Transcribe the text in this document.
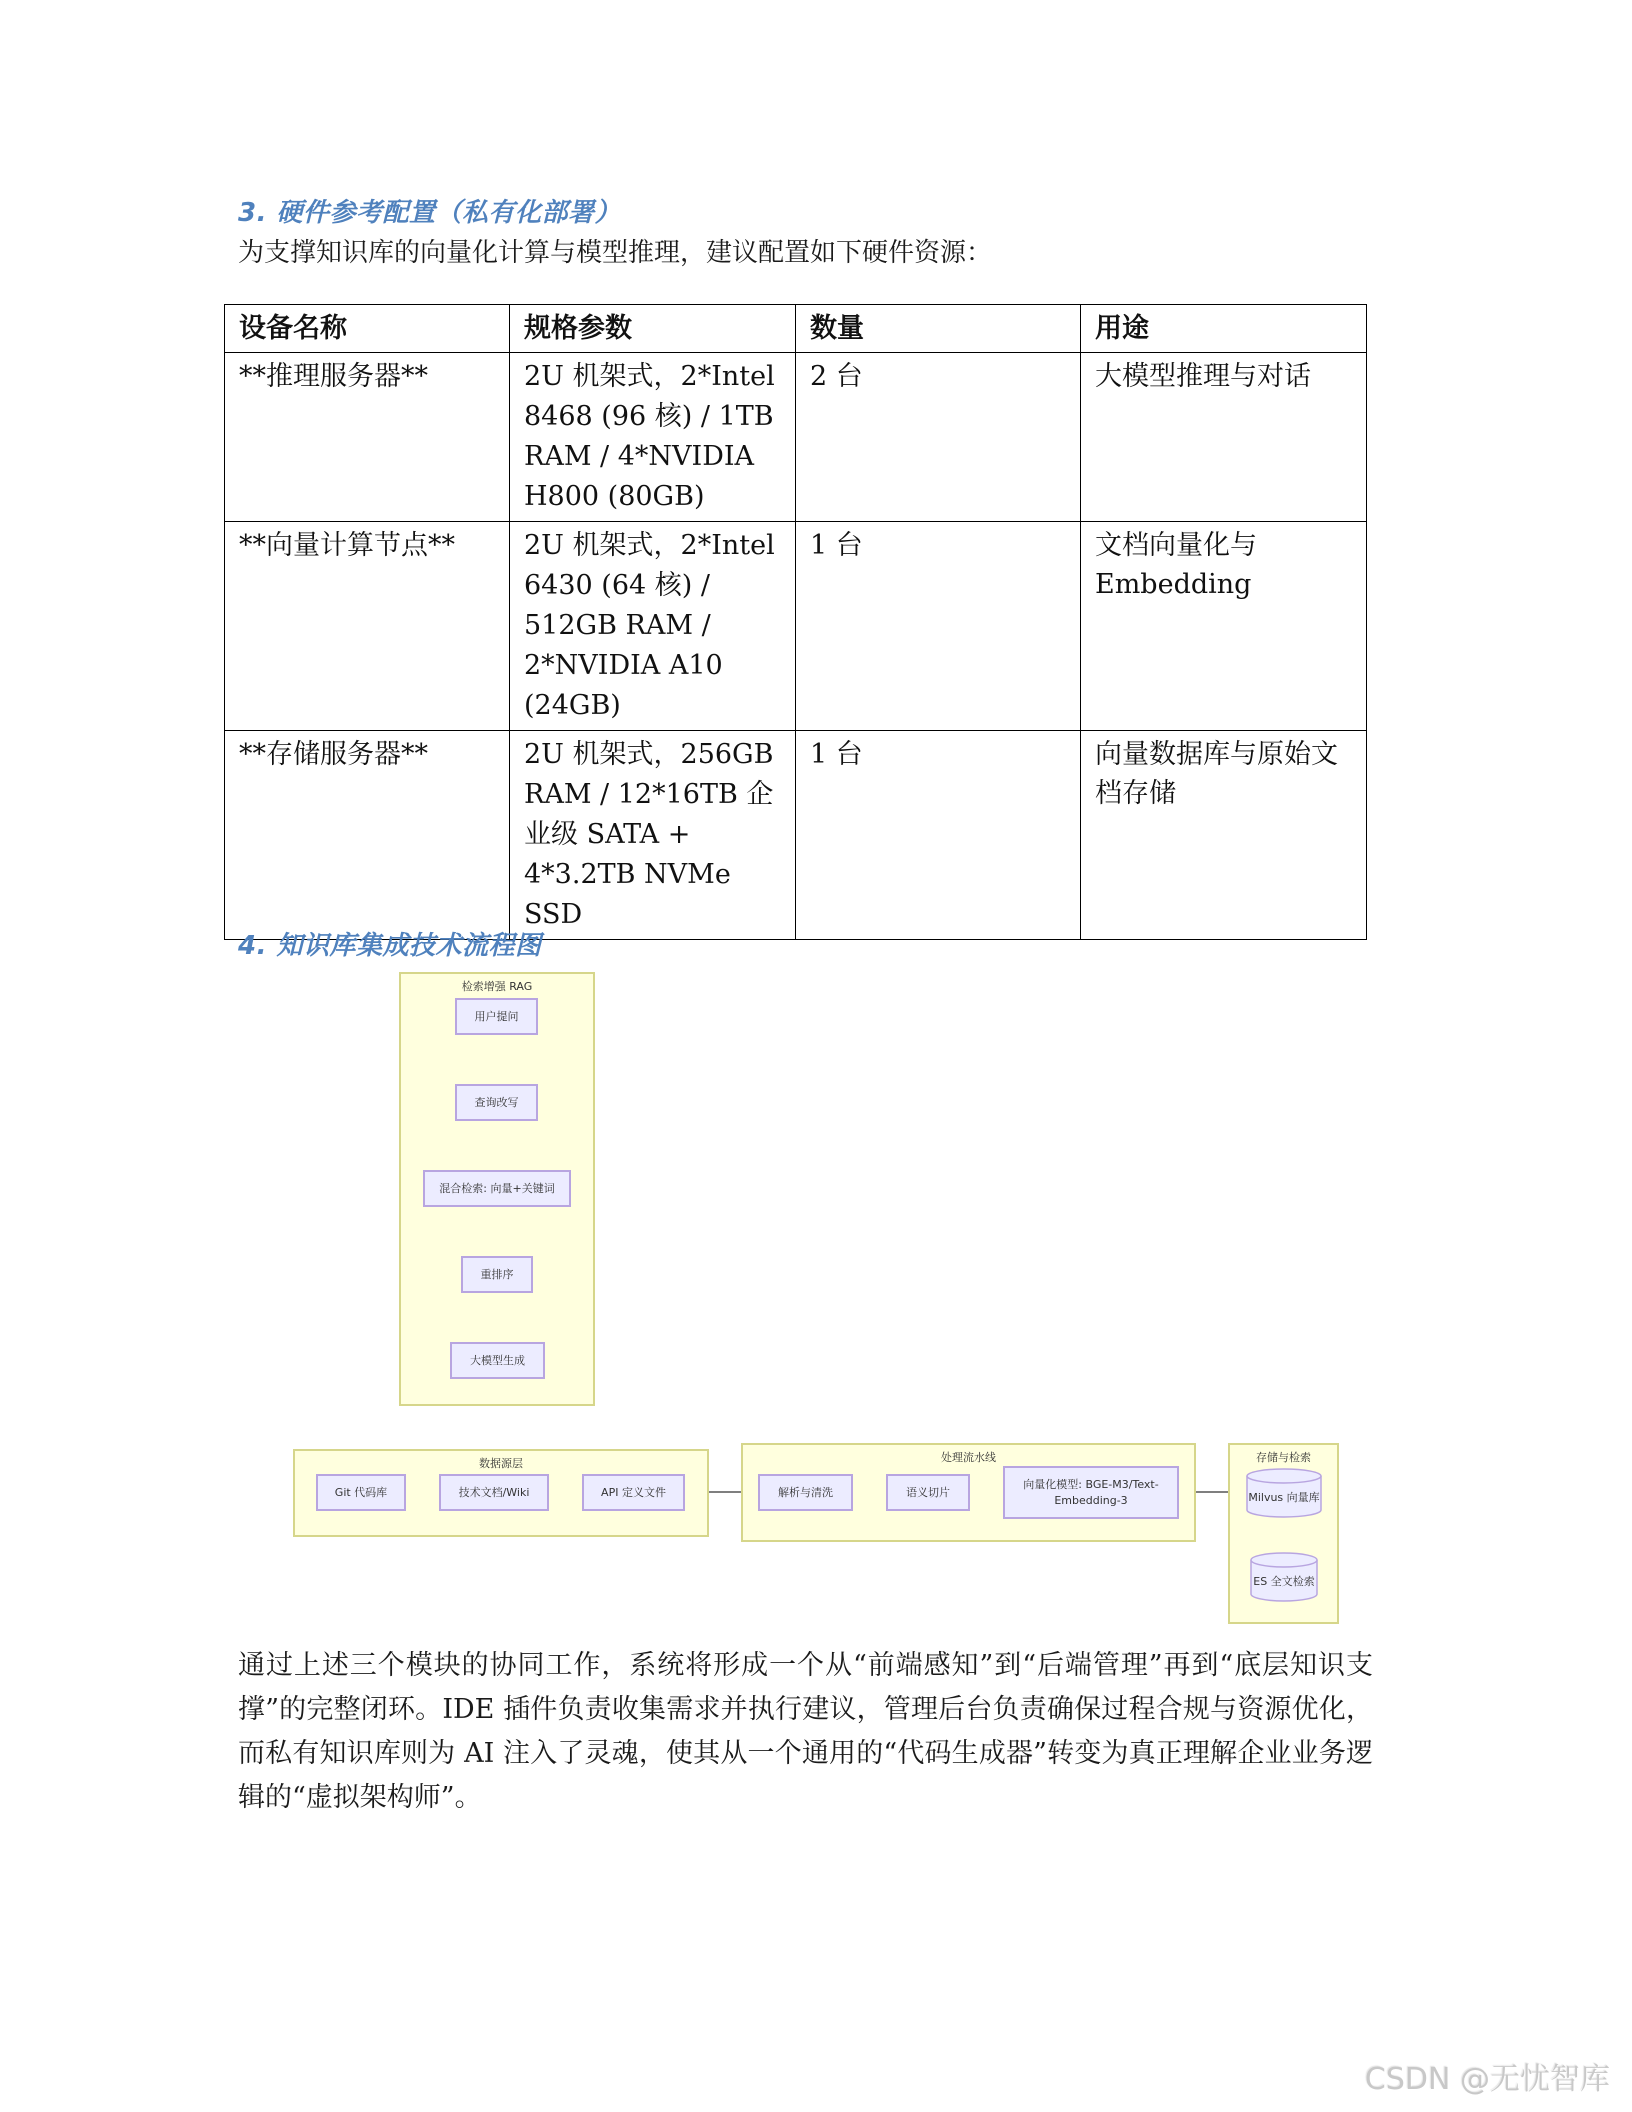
3. 硬件参考配置（私有化部署）
为支撑知识库的向量化计算与模型推理，建议配置如下硬件资源：
设备名称	规格参数	数量	用途
**推理服务器**	2U 机架式，2*Intel 8468 (96 核) / 1TB RAM / 4*NVIDIA H800 (80GB)	2 台	大模型推理与对话
**向量计算节点**	2U 机架式，2*Intel 6430 (64 核) / 512GB RAM / 2*NVIDIA A10 (24GB)	1 台	文档向量化与 Embedding
**存储服务器**	2U 机架式，256GB RAM / 12*16TB 企业级 SATA + 4*3.2TB NVMe SSD	1 台	向量数据库与原始文档存储
4. 知识库集成技术流程图
检索增强 RAG
用户提问
查询改写
混合检索: 向量+关键词
重排序
大模型生成
数据源层
Git 代码库	技术文档/Wiki	API 定义文件
处理流水线
解析与清洗	语义切片
向量化模型: BGE-M3/Text-Embedding-3
存储与检索
Milvus 向量库
ES 全文检索
通过上述三个模块的协同工作，系统将形成一个从“前端感知”到“后端管理”再到“底层知识支撑”的完整闭环。IDE 插件负责收集需求并执行建议，管理后台负责确保过程合规与资源优化，而私有知识库则为 AI 注入了灵魂，使其从一个通用的“代码生成器”转变为真正理解企业业务逻辑的“虚拟架构师”。
CSDN @无忧智库
